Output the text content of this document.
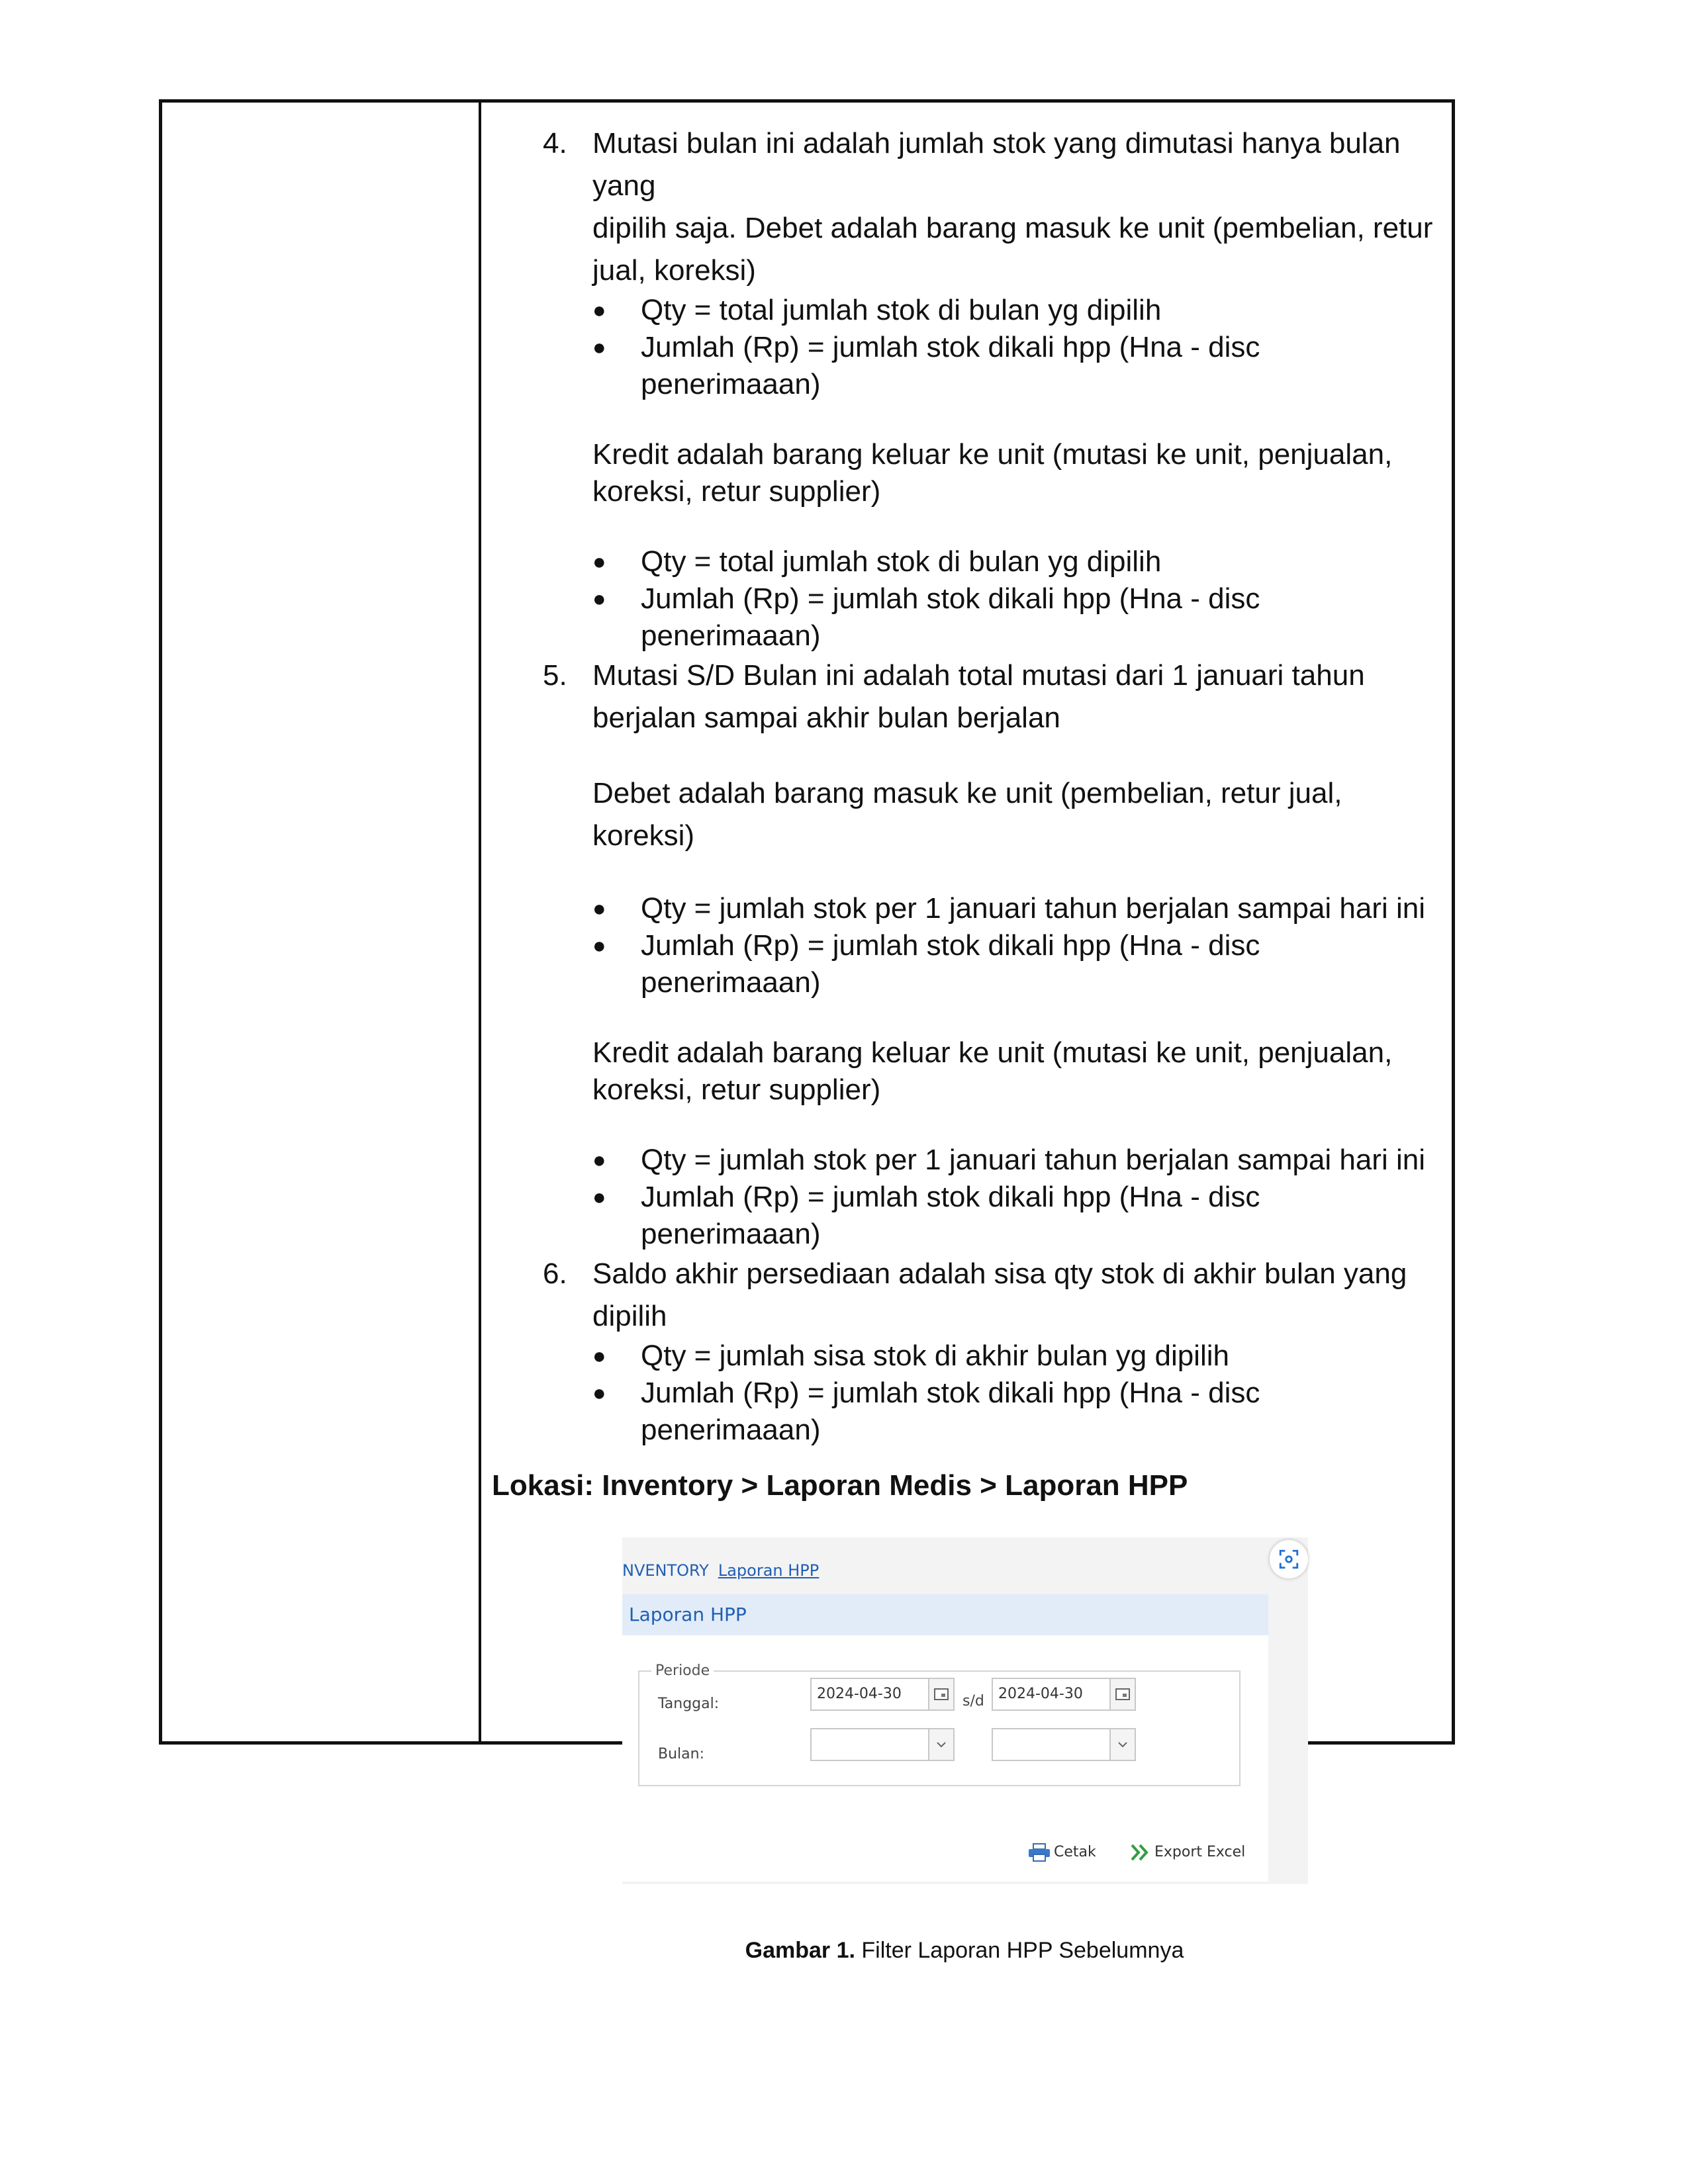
4. Mutasi bulan ini adalah jumlah stok yang dimutasi hanya bulan yang
dipilih saja. Debet adalah barang masuk ke unit (pembelian, retur
jual, koreksi)
● Qty = total jumlah stok di bulan yg dipilih
● Jumlah (Rp) = jumlah stok dikali hpp (Hna - disc penerimaaan)
Kredit adalah barang keluar ke unit (mutasi ke unit, penjualan,
koreksi, retur supplier)
● Qty = total jumlah stok di bulan yg dipilih
● Jumlah (Rp) = jumlah stok dikali hpp (Hna - disc penerimaaan)
5. Mutasi S/D Bulan ini adalah total mutasi dari 1 januari tahun
berjalan sampai akhir bulan berjalan
Debet adalah barang masuk ke unit (pembelian, retur jual, koreksi)
● Qty = jumlah stok per 1 januari tahun berjalan sampai hari ini
● Jumlah (Rp) = jumlah stok dikali hpp (Hna - disc penerimaaan)
Kredit adalah barang keluar ke unit (mutasi ke unit, penjualan,
koreksi, retur supplier)
● Qty = jumlah stok per 1 januari tahun berjalan sampai hari ini
● Jumlah (Rp) = jumlah stok dikali hpp (Hna - disc penerimaaan)
6. Saldo akhir persediaan adalah sisa qty stok di akhir bulan yang
dipilih
● Qty = jumlah sisa stok di akhir bulan yg dipilih
● Jumlah (Rp) = jumlah stok dikali hpp (Hna - disc penerimaaan)
Lokasi: Inventory > Laporan Medis > Laporan HPP
NVENTORY Laporan HPP
Laporan HPP
Periode
Tanggal:
2024-04-30	s/d 2024-04-30
Bulan:
Cetak	Export Excel
Gambar 1. Filter Laporan HPP Sebelumnya
